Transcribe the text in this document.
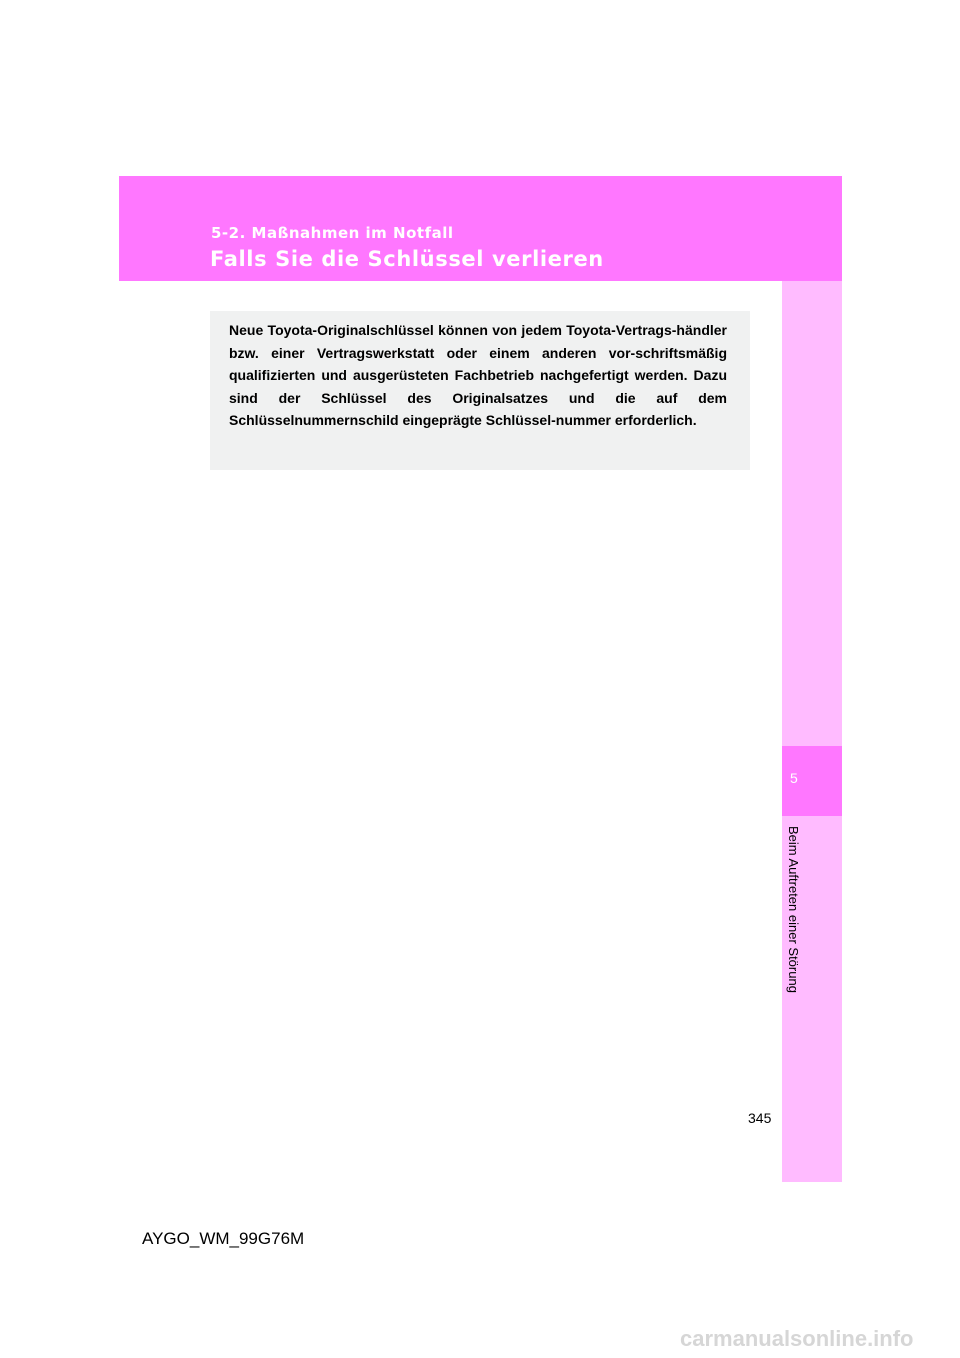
5-2. Maßnahmen im Notfall
Falls Sie die Schlüssel verlieren
5
Beim Auftreten einer Störung

Neue Toyota-Originalschlüssel können von jedem Toyota-Vertrags-händler bzw. einer Vertragswerkstatt oder einem anderen vor-schriftsmäßig qualifizierten und ausgerüsteten Fachbetrieb nachgefertigt werden. Dazu sind der Schlüssel des Originalsatzes und die auf dem Schlüsselnummernschild eingeprägte Schlüssel-nummer erforderlich.

345
AYGO_WM_99G76M
carmanualsonline.info
